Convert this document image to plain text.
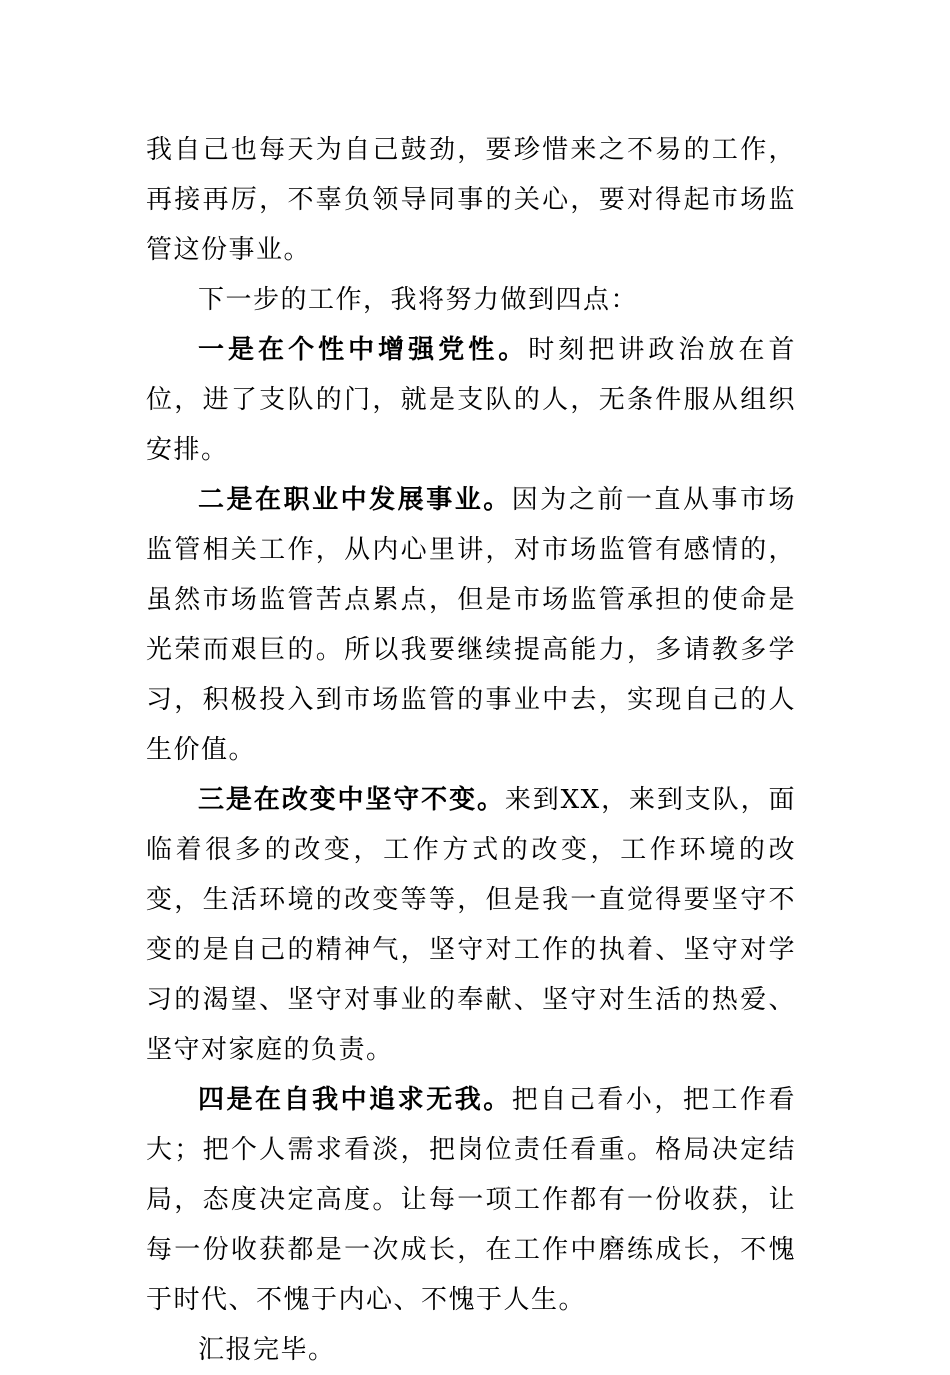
我自己也每天为自己鼓劲，要珍惜来之不易的工作，再接再厉，不辜负领导同事的关心，要对得起市场监管这份事业。

下一步的工作，我将努力做到四点：

一是在个性中增强党性。时刻把讲政治放在首位，进了支队的门，就是支队的人，无条件服从组织安排。

二是在职业中发展事业。因为之前一直从事市场监管相关工作，从内心里讲，对市场监管有感情的，虽然市场监管苦点累点，但是市场监管承担的使命是光荣而艰巨的。所以我要继续提高能力，多请教多学习，积极投入到市场监管的事业中去，实现自己的人生价值。

三是在改变中坚守不变。来到XX，来到支队，面临着很多的改变，工作方式的改变，工作环境的改变，生活环境的改变等等，但是我一直觉得要坚守不变的是自己的精神气，坚守对工作的执着、坚守对学习的渴望、坚守对事业的奉献、坚守对生活的热爱、坚守对家庭的负责。

四是在自我中追求无我。把自己看小，把工作看大；把个人需求看淡，把岗位责任看重。格局决定结局，态度决定高度。让每一项工作都有一份收获，让每一份收获都是一次成长，在工作中磨练成长，不愧于时代、不愧于内心、不愧于人生。

汇报完毕。
